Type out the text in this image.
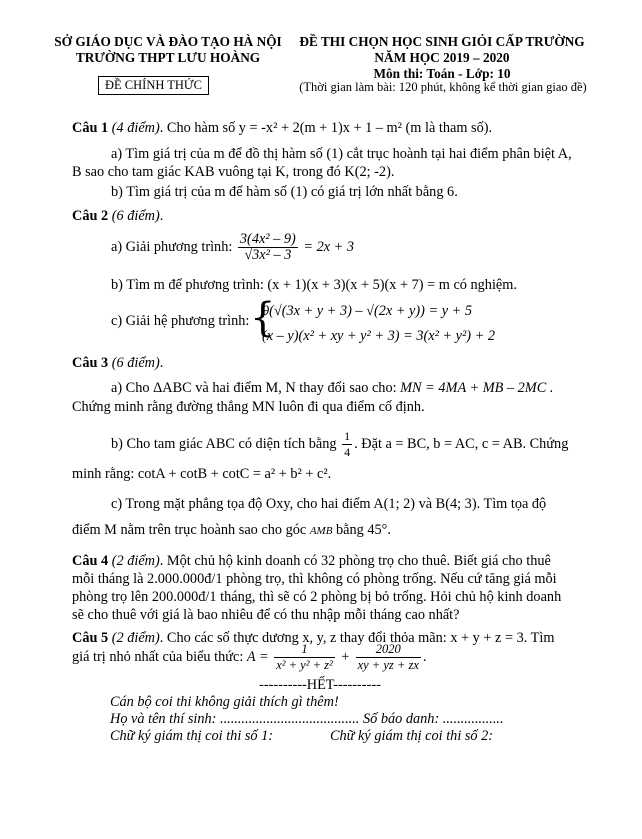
SỞ GIÁO DỤC VÀ ĐÀO TẠO HÀ NỘI
TRƯỜNG THPT LƯU HOÀNG
ĐỀ CHÍNH THỨC
ĐỀ THI CHỌN HỌC SINH GIỎI CẤP TRƯỜNG
NĂM HỌC 2019 – 2020
Môn thi: Toán - Lớp: 10
(Thời gian làm bài: 120 phút, không kể thời gian giao đề)
Câu 1 (4 điểm). Cho hàm số y = -x² + 2(m + 1)x + 1 – m² (m là tham số).
a) Tìm giá trị của m để đồ thị hàm số (1) cắt trục hoành tại hai điểm phân biệt A,
B sao cho tam giác KAB vuông tại K, trong đó K(2; -2).
b) Tìm giá trị của m để hàm số (1) có giá trị lớn nhất bằng 6.
Câu 2 (6 điểm).
a) Giải phương trình: $\frac{\text{3(4x² – 9)}}{\text{√3x² – 3}} = 2x + 3$
b) Tìm m để phương trình: (x + 1)(x + 3)(x + 5)(x + 7) = m có nghiệm.
c) Giải hệ phương trình: {
9(√(3x + y + 3) – √(2x + y)) = y + 5
(x – y)(x² + xy + y² + 3) = 3(x² + y²) + 2
Câu 3 (6 điểm).
a) Cho ΔABC và hai điểm M, N thay đổi sao cho: MN = 4MA + MB – 2MC .
Chứng minh rằng đường thẳng MN luôn đi qua điểm cố định.
b) Cho tam giác ABC có diện tích bằng $\frac{1}{4}$ . Đặt a = BC, b = AC, c = AB. Chứng
minh rằng: cotA + cotB + cotC = a² + b² + c².
c) Trong mặt phẳng tọa độ Oxy, cho hai điểm A(1; 2) và B(4; 3). Tìm tọa độ
điểm M nằm trên trục hoành sao cho góc AMB bằng 45°.
Câu 4 (2 điểm). Một chủ hộ kinh doanh có 32 phòng trọ cho thuê. Biết giá cho thuê
mỗi tháng là 2.000.000đ/1 phòng trọ, thì không có phòng trống. Nếu cứ tăng giá mỗi
phòng trọ lên 200.000đ/1 tháng, thì sẽ có 2 phòng bị bỏ trống. Hỏi chủ hộ kinh doanh
sẽ cho thuê với giá là bao nhiêu để có thu nhập mỗi tháng cao nhất?
Câu 5 (2 điểm). Cho các số thực dương x, y, z thay đổi thỏa mãn: x + y + z = 3. Tìm
giá trị nhỏ nhất của biểu thức: $A = \frac{1}{\text{x² + y² + z²}} + \frac{2020}{xy + yz + zx}$ .
----------HẾT----------
Cán bộ coi thi không giải thích gì thêm!
Họ và tên thí sinh: ....................................... Số báo danh: .................
Chữ ký giám thị coi thi số 1:	Chữ ký giám thị coi thi số 2:
